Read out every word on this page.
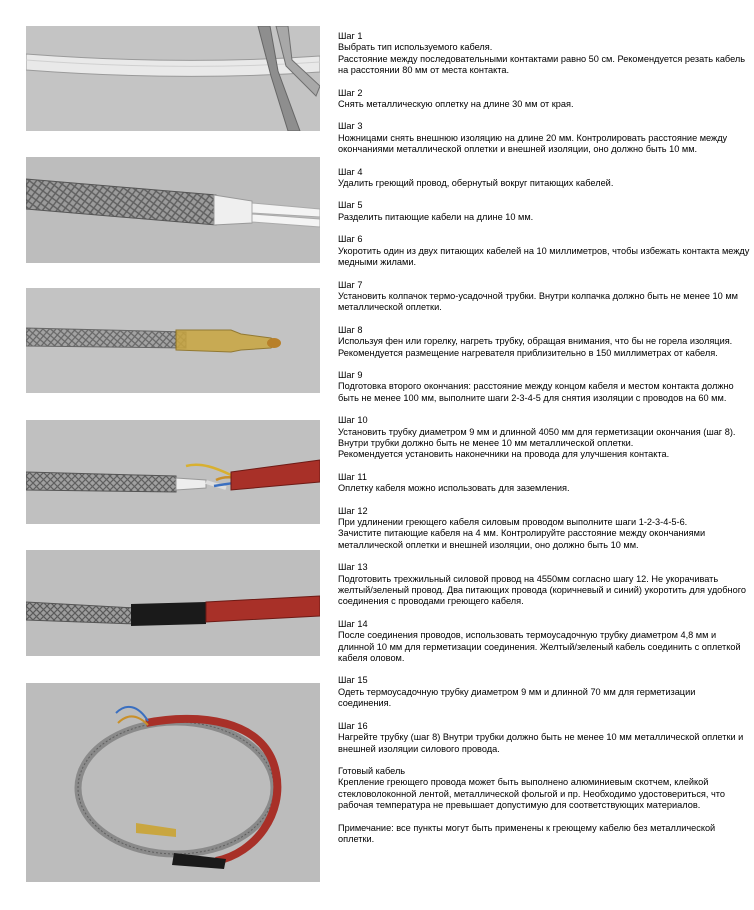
Шаг 1
Выбрать тип используемого кабеля.
Расстояние между последовательными контактами равно 50 см. Рекомендуется резать кабель на расстоянии 80 мм от места контакта.
Шаг 2
Снять металлическую оплетку на длине 30 мм от края.
Шаг 3
Ножницами снять внешнюю изоляцию на длине 20 мм. Контролировать расстояние между окончаниями металлической оплетки и внешней изоляции, оно должно быть 10 мм.
Шаг 4
Удалить греющий провод, обернутый вокруг питающих кабелей.
Шаг 5
Разделить питающие кабели на длине 10 мм.
Шаг 6
Укоротить один из двух питающих кабелей на 10 миллиметров, чтобы избежать контакта между медными жилами.
Шаг 7
Установить колпачок термо-усадочной трубки. Внутри колпачка должно быть не менее 10 мм металлической оплетки.
Шаг 8
Используя фен или горелку, нагреть трубку, обращая внимания, что бы не горела изоляция. Рекомендуется размещение нагревателя приблизительно в 150 миллиметрах от кабеля.
Шаг 9
Подготовка второго окончания: расстояние между концом кабеля и местом контакта должно быть не менее 100 мм, выполните шаги 2-3-4-5 для снятия изоляции с проводов на 60 мм.
Шаг 10
Установить трубку диаметром 9 мм и длинной 4050 мм для герметизации окончания (шаг 8). Внутри трубки должно быть не менее 10 мм металлической оплетки.
Рекомендуется установить наконечники на провода для улучшения контакта.
Шаг 11
Оплетку кабеля можно использовать для заземления.
Шаг 12
При удлинении греющего кабеля силовым проводом выполните шаги 1-2-3-4-5-6.
Зачистите питающие кабеля на 4 мм. Контролируйте расстояние между окончаниями металлической оплетки и внешней изоляции, оно должно быть 10 мм.
Шаг 13
Подготовить трехжильный силовой провод на 4550мм согласно шагу 12. Не укорачивать желтый/зеленый провод. Два питающих провода (коричневый и синий) укоротить для удобного соединения с проводами греющего кабеля.
Шаг 14
После соединения проводов, использовать термоусадочную трубку диаметром 4,8 мм и длинной 10 мм для герметизации соединения. Желтый/зеленый кабель соединить с оплеткой кабеля оловом.
Шаг 15
Одеть термоусадочную трубку диаметром 9 мм и длинной 70 мм для герметизации соединения.
Шаг 16
Нагрейте трубку (шаг 8) Внутри трубки должно быть не менее 10 мм металлической оплетки и внешней изоляции силового провода.
Готовый кабель
Крепление греющего провода может быть выполнено алюминиевым скотчем, клейкой стекловолоконной лентой, металлической фольгой и пр. Необходимо удостовериться, что рабочая температура не превышает допустимую для соответствующих материалов.
Примечание: все пункты могут быть применены к греющему кабелю без металлической оплетки.
